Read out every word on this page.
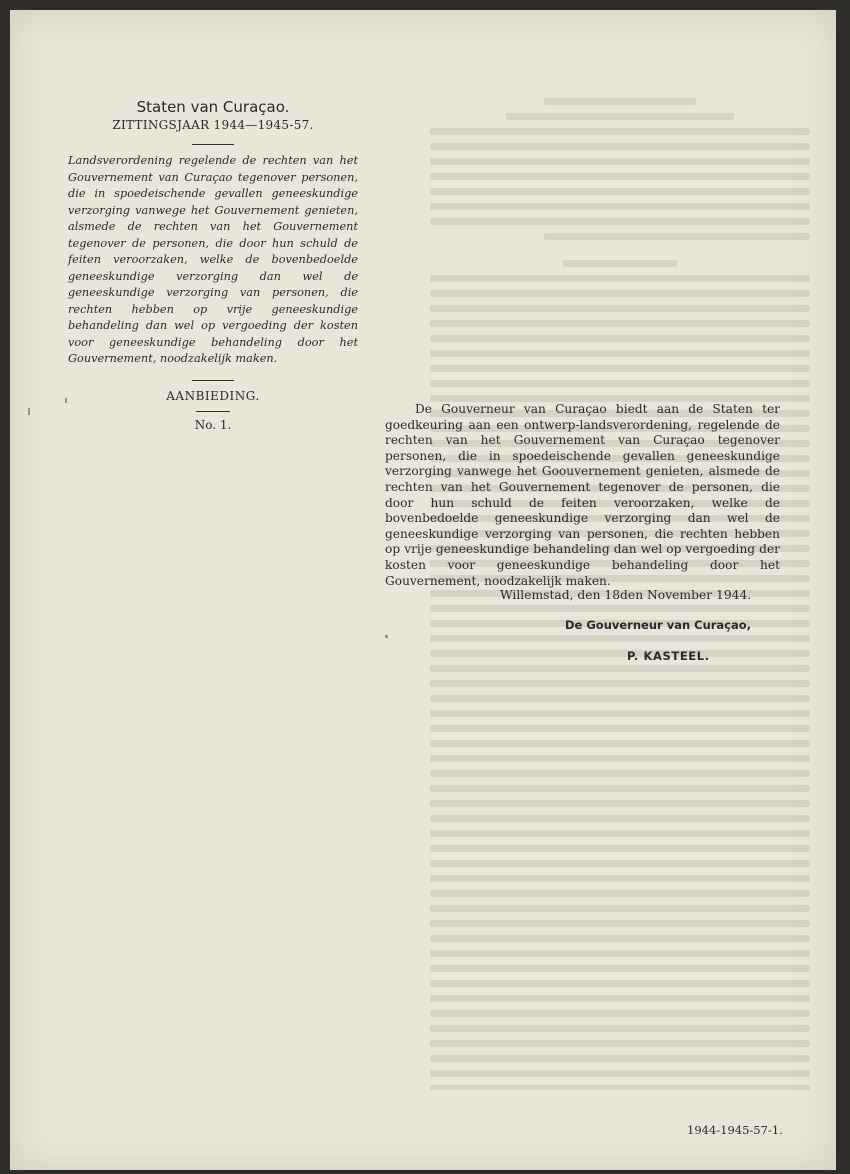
Staten van Curaçao.
ZITTINGSJAAR 1944—1945-57.

Landsverordening regelende de rechten van het Gouvernement van Curaçao tegenover personen, die in spoedeischende gevallen geneeskundige verzorging vanwege het Gouvernement genieten, alsmede de rechten van het Gouvernement tegenover de personen, die door hun schuld de feiten veroorzaken, welke de bovenbedoelde geneeskundige verzorging dan wel de geneeskundige verzorging van personen, die rechten hebben op vrije geneeskundige behandeling dan wel op vergoeding der kosten voor geneeskundige behandeling door het Gouvernement, noodzakelijk maken.

AANBIEDING.
No. 1.

De Gouverneur van Curaçao biedt aan de Staten ter goedkeuring aan een ontwerp-landsverordening, regelende de rechten van het Gouvernement van Curaçao tegenover personen, die in spoedeischende gevallen geneeskundige verzorging vanwege het Goouvernement genieten, alsmede de rechten van het Gouvernement tegenover de personen, die door hun schuld de feiten veroorzaken, welke de bovenbedoelde geneeskundige verzorging dan wel de geneeskundige verzorging van personen, die rechten hebben op vrije geneeskundige behandeling dan wel op vergoeding der kosten voor geneeskundige behandeling door het Gouvernement, noodzakelijk maken.

Willemstad, den 18den November 1944.
De Gouverneur van Curaçao,
P. KASTEEL.
1944-1945-57-1.
